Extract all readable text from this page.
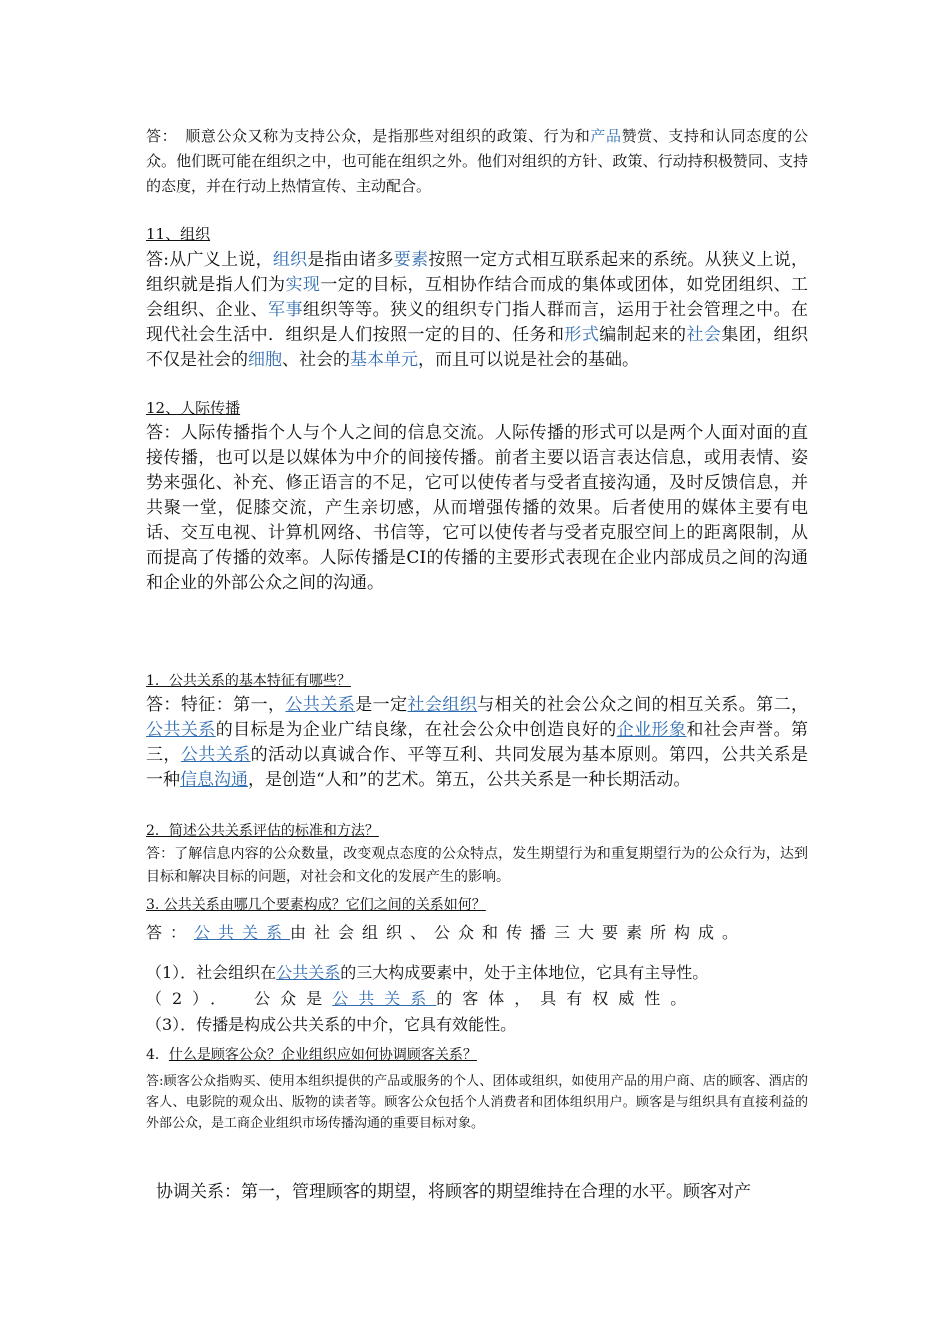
答：　顺意公众又称为支持公众，是指那些对组织的政策、行为和产品赞赏、支持和认同态度的公众。他们既可能在组织之中，也可能在组织之外。他们对组织的方针、政策、行动持积极赞同、支持的态度，并在行动上热情宣传、主动配合。

11、组织

答:从广义上说，组织是指由诸多要素按照一定方式相互联系起来的系统。从狭义上说，组织就是指人们为实现一定的目标，互相协作结合而成的集体或团体，如党团组织、工会组织、企业、军事组织等等。狭义的组织专门指人群而言，运用于社会管理之中。在现代社会生活中．组织是人们按照一定的目的、任务和形式编制起来的社会集团，组织不仅是社会的细胞、社会的基本单元，而且可以说是社会的基础。

12、人际传播

答：人际传播指个人与个人之间的信息交流。人际传播的形式可以是两个人面对面的直接传播，也可以是以媒体为中介的间接传播。前者主要以语言表达信息，或用表情、姿势来强化、补充、修正语言的不足，它可以使传者与受者直接沟通，及时反馈信息，并共聚一堂，促膝交流，产生亲切感，从而增强传播的效果。后者使用的媒体主要有电话、交互电视、计算机网络、书信等，它可以使传者与受者克服空间上的距离限制，从而提高了传播的效率。人际传播是CI的传播的主要形式表现在企业内部成员之间的沟通和企业的外部公众之间的沟通。

1．公共关系的基本特征有哪些？

答：特征：第一，公共关系是一定社会组织与相关的社会公众之间的相互关系。第二，公共关系的目标是为企业广结良缘，在社会公众中创造良好的企业形象和社会声誉。第三，公共关系的活动以真诚合作、平等互利、共同发展为基本原则。第四，公共关系是一种信息沟通，是创造“人和”的艺术。第五，公共关系是一种长期活动。

2．简述公共关系评估的标准和方法？

答：了解信息内容的公众数量，改变观点态度的公众特点，发生期望行为和重复期望行为的公众行为，达到目标和解决目标的问题，对社会和文化的发展产生的影响。

3. 公共关系由哪几个要素构成？它们之间的关系如何？

答：公共关系由社会组织、公众和传播三大要素所构成。

（1）．社会组织在公共关系的三大构成要素中，处于主体地位，它具有主导性。

（2）．　公众是公共关系的客体，具有权威性。

（3）．传播是构成公共关系的中介，它具有效能性。

4．什么是顾客公众？企业组织应如何协调顾客关系？

答:顾客公众指购买、使用本组织提供的产品或服务的个人、团体或组织，如使用产品的用户商、店的顾客、酒店的客人、电影院的观众出、版物的读者等。顾客公众包括个人消费者和团体组织用户。顾客是与组织具有直接利益的外部公众，是工商企业组织市场传播沟通的重要目标对象。

协调关系：第一，管理顾客的期望，将顾客的期望维持在合理的水平。顾客对产
